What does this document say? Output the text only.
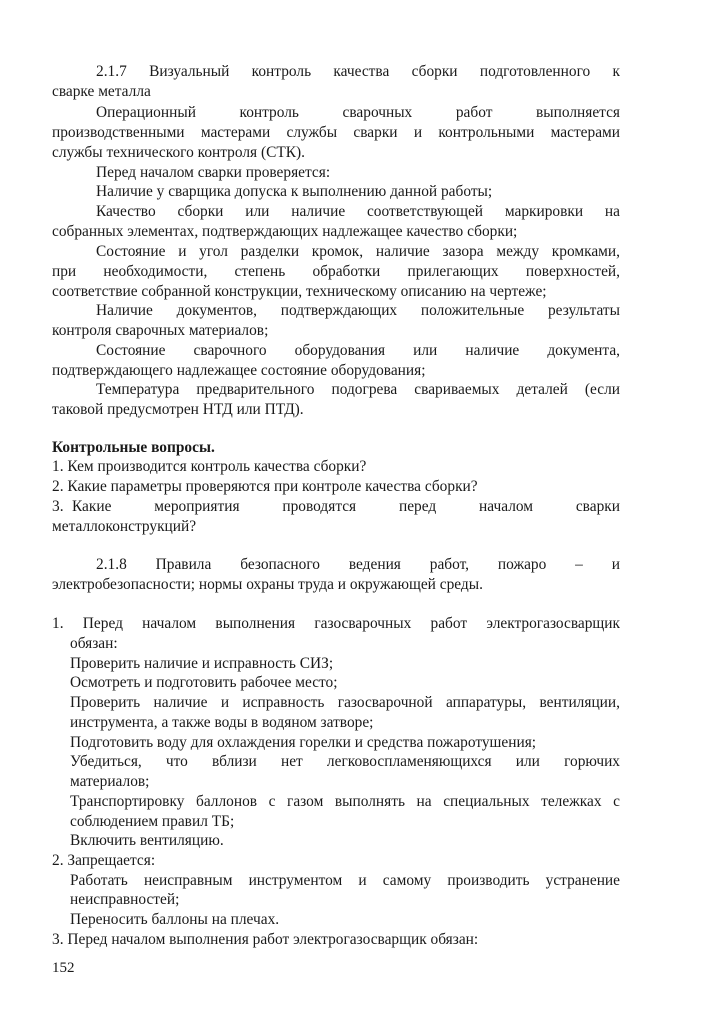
2.1.7 Визуальный контроль качества сборки подготовленного к
сварке металла
Операционный контроль сварочных работ выполняется
производственными мастерами службы сварки и контрольными мастерами
службы технического контроля (СТК).
Перед началом сварки проверяется:
Наличие у сварщика допуска к выполнению данной работы;
Качество сборки или наличие соответствующей маркировки на
собранных элементах, подтверждающих надлежащее качество сборки;
Состояние и угол разделки кромок, наличие зазора между кромками,
при необходимости, степень обработки прилегающих поверхностей,
соответствие собранной конструкции, техническому описанию на чертеже;
Наличие документов, подтверждающих положительные результаты
контроля сварочных материалов;
Состояние сварочного оборудования или наличие документа,
подтверждающего надлежащее состояние оборудования;
Температура предварительного подогрева свариваемых деталей (если
таковой предусмотрен НТД или ПТД).
Контрольные вопросы.
1. Кем производится контроль качества сборки?
2. Какие параметры проверяются при контроле качества сборки?
3. Какие мероприятия проводятся перед началом сварки
металлоконструкций?
2.1.8 Правила безопасного ведения работ, пожаро – и
электробезопасности; нормы охраны труда и окружающей среды.
1. Перед началом выполнения газосварочных работ электрогазосварщик
обязан:
Проверить наличие и исправность СИЗ;
Осмотреть и подготовить рабочее место;
Проверить наличие и исправность газосварочной аппаратуры, вентиляции,
инструмента, а также воды в водяном затворе;
Подготовить воду для охлаждения горелки и средства пожаротушения;
Убедиться, что вблизи нет легковоспламеняющихся или горючих
материалов;
Транспортировку баллонов с газом выполнять на специальных тележках с
соблюдением правил ТБ;
Включить вентиляцию.
2. Запрещается:
Работать неисправным инструментом и самому производить устранение
неисправностей;
Переносить баллоны на плечах.
3. Перед началом выполнения работ электрогазосварщик обязан:
152
